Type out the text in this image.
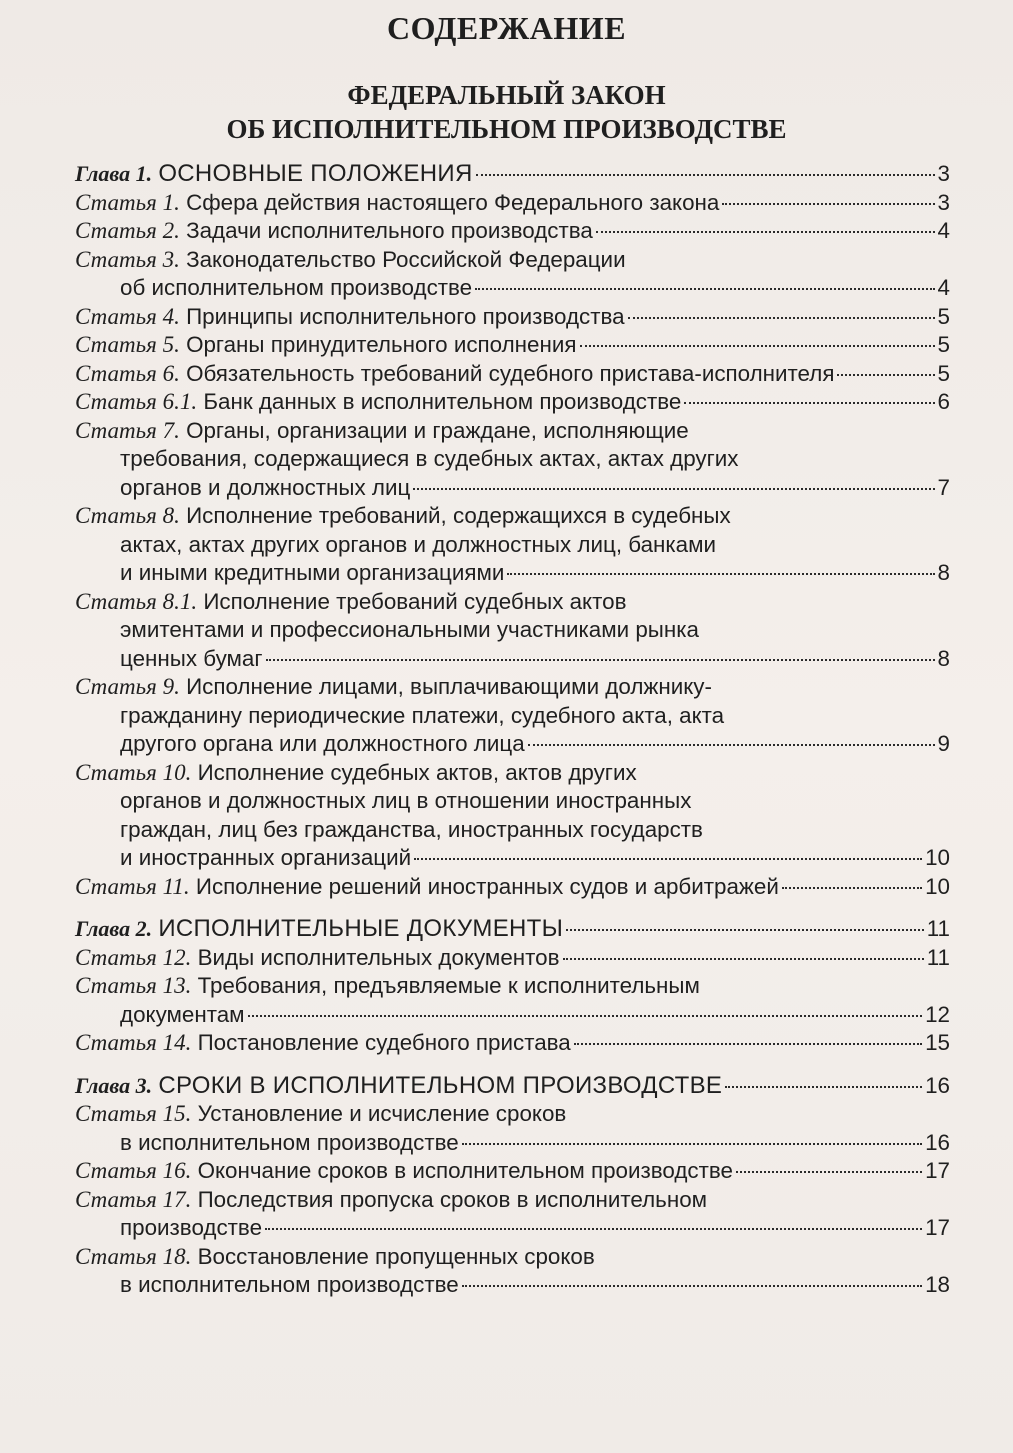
СОДЕРЖАНИЕ
ФЕДЕРАЛЬНЫЙ ЗАКОН
ОБ ИСПОЛНИТЕЛЬНОМ ПРОИЗВОДСТВЕ
Глава 1. ОСНОВНЫЕ ПОЛОЖЕНИЯ	3
Статья 1. Сфера действия настоящего Федерального закона	3
Статья 2. Задачи исполнительного производства	4
Статья 3. Законодательство Российской Федерации
об исполнительном производстве	4
Статья 4. Принципы исполнительного производства	5
Статья 5. Органы принудительного исполнения	5
Статья 6. Обязательность требований судебного пристава-исполнителя	5
Статья 6.1. Банк данных в исполнительном производстве	6
Статья 7. Органы, организации и граждане, исполняющие
требования, содержащиеся в судебных актах, актах других
органов и должностных лиц	7
Статья 8. Исполнение требований, содержащихся в судебных
актах, актах других органов и должностных лиц, банками
и иными кредитными организациями	8
Статья 8.1. Исполнение требований судебных актов
эмитентами и профессиональными участниками рынка
ценных бумаг	8
Статья 9. Исполнение лицами, выплачивающими должнику-
гражданину периодические платежи, судебного акта, акта
другого органа или должностного лица	9
Статья 10. Исполнение судебных актов, актов других
органов и должностных лиц в отношении иностранных
граждан, лиц без гражданства, иностранных государств
и иностранных организаций	10
Статья 11. Исполнение решений иностранных судов и арбитражей	10
Глава 2. ИСПОЛНИТЕЛЬНЫЕ ДОКУМЕНТЫ	11
Статья 12. Виды исполнительных документов	11
Статья 13. Требования, предъявляемые к исполнительным
документам	12
Статья 14. Постановление судебного пристава	15
Глава 3. СРОКИ В ИСПОЛНИТЕЛЬНОМ ПРОИЗВОДСТВЕ	16
Статья 15. Установление и исчисление сроков
в исполнительном производстве	16
Статья 16. Окончание сроков в исполнительном производстве	17
Статья 17. Последствия пропуска сроков в исполнительном
производстве	17
Статья 18. Восстановление пропущенных сроков
в исполнительном производстве	18
